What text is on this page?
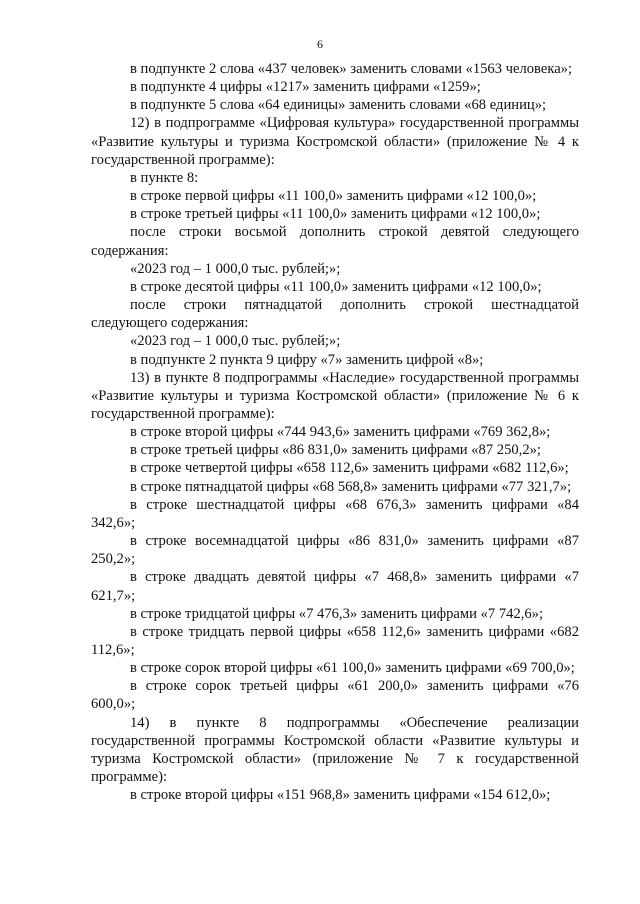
6

в подпункте 2 слова «437 человек» заменить словами «1563 человека»;

в подпункте 4 цифры «1217» заменить цифрами «1259»;

в подпункте 5 слова «64 единицы» заменить словами «68 единиц»;

12) в подпрограмме «Цифровая культура» государственной программы «Развитие культуры и туризма Костромской области» (приложение № 4 к государственной программе):

в пункте 8:

в строке первой цифры «11 100,0» заменить цифрами «12 100,0»;

в строке третьей цифры «11 100,0» заменить цифрами «12 100,0»;

после строки восьмой дополнить строкой девятой следующего содержания:

«2023 год – 1 000,0 тыс. рублей;»;

в строке десятой цифры «11 100,0» заменить цифрами «12 100,0»;

после строки пятнадцатой дополнить строкой шестнадцатой следующего содержания:

«2023 год – 1 000,0 тыс. рублей;»;

в подпункте 2 пункта 9 цифру «7» заменить цифрой «8»;

13) в пункте 8 подпрограммы «Наследие» государственной программы «Развитие культуры и туризма Костромской области» (приложение № 6 к государственной программе):

в строке второй цифры «744 943,6» заменить цифрами «769 362,8»;

в строке третьей цифры «86 831,0» заменить цифрами «87 250,2»;

в строке четвертой цифры «658 112,6» заменить цифрами «682 112,6»;

в строке пятнадцатой цифры «68 568,8» заменить цифрами «77 321,7»;

в строке шестнадцатой цифры «68 676,3» заменить цифрами «84 342,6»;

в строке восемнадцатой цифры «86 831,0» заменить цифрами «87 250,2»;

в строке двадцать девятой цифры «7 468,8» заменить цифрами «7 621,7»;

в строке тридцатой цифры «7 476,3» заменить цифрами «7 742,6»;

в строке тридцать первой цифры «658 112,6» заменить цифрами «682 112,6»;

в строке сорок второй цифры «61 100,0» заменить цифрами «69 700,0»;

в строке сорок третьей цифры «61 200,0» заменить цифрами «76 600,0»;

14) в пункте 8 подпрограммы «Обеспечение реализации государственной программы Костромской области «Развитие культуры и туризма Костромской области» (приложение № 7 к государственной программе):

в строке второй цифры «151 968,8» заменить цифрами «154 612,0»;
